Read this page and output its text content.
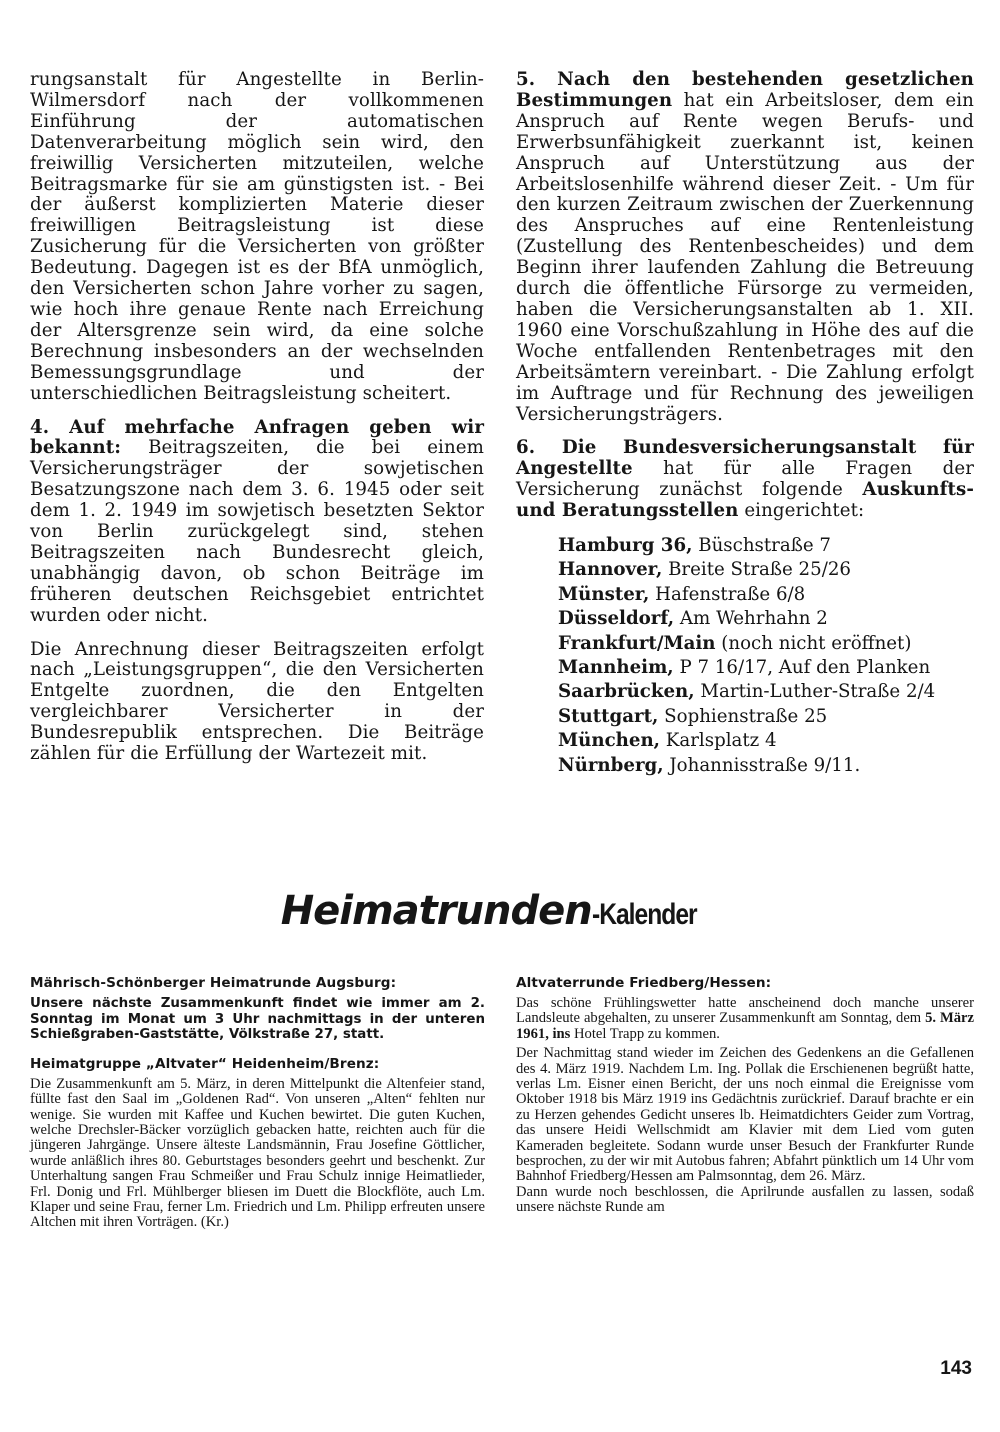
rungsanstalt für Angestellte in Berlin-Wilmersdorf nach der vollkommenen Einführung der automatischen Datenverarbeitung möglich sein wird, den freiwillig Versicherten mitzuteilen, welche Beitragsmarke für sie am günstigsten ist. - Bei der äußerst komplizierten Materie dieser freiwilligen Beitragsleistung ist diese Zusicherung für die Versicherten von größter Bedeutung. Dagegen ist es der BfA unmöglich, den Versicherten schon Jahre vorher zu sagen, wie hoch ihre genaue Rente nach Erreichung der Altersgrenze sein wird, da eine solche Berechnung insbesonders an der wechselnden Bemessungsgrundlage und der unterschiedlichen Beitragsleistung scheitert.

4. Auf mehrfache Anfragen geben wir bekannt: Beitragszeiten, die bei einem Versicherungsträger der sowjetischen Besatzungszone nach dem 3. 6. 1945 oder seit dem 1. 2. 1949 im sowjetisch besetzten Sektor von Berlin zurückgelegt sind, stehen Beitragszeiten nach Bundesrecht gleich, unabhängig davon, ob schon Beiträge im früheren deutschen Reichsgebiet entrichtet wurden oder nicht.

Die Anrechnung dieser Beitragszeiten erfolgt nach „Leistungsgruppen“, die den Versicherten Entgelte zuordnen, die den Entgelten vergleichbarer Versicherter in der Bundesrepublik entsprechen. Die Beiträge zählen für die Erfüllung der Wartezeit mit.

5. Nach den bestehenden gesetzlichen Bestimmungen hat ein Arbeitsloser, dem ein Anspruch auf Rente wegen Berufs- und Erwerbsunfähigkeit zuerkannt ist, keinen Anspruch auf Unterstützung aus der Arbeitslosenhilfe während dieser Zeit. - Um für den kurzen Zeitraum zwischen der Zuerkennung des Anspruches auf eine Rentenleistung (Zustellung des Rentenbescheides) und dem Beginn ihrer laufenden Zahlung die Betreuung durch die öffentliche Fürsorge zu vermeiden, haben die Versicherungsanstalten ab 1. XII. 1960 eine Vorschußzahlung in Höhe des auf die Woche entfallenden Rentenbetrages mit den Arbeitsämtern vereinbart. - Die Zahlung erfolgt im Auftrage und für Rechnung des jeweiligen Versicherungsträgers.

6. Die Bundesversicherungsanstalt für Angestellte hat für alle Fragen der Versicherung zunächst folgende Auskunfts- und Beratungsstellen eingerichtet:

Hamburg 36, Büschstraße 7
Hannover, Breite Straße 25/26
Münster, Hafenstraße 6/8
Düsseldorf, Am Wehrhahn 2
Frankfurt/Main (noch nicht eröffnet)
Mannheim, P 7 16/17, Auf den Planken
Saarbrücken, Martin-Luther-Straße 2/4
Stuttgart, Sophienstraße 25
München, Karlsplatz 4
Nürnberg, Johannisstraße 9/11.
Heimatrunden-Kalender
Mährisch-Schönberger Heimatrunde Augsburg:

Unsere nächste Zusammenkunft findet wie immer am 2. Sonntag im Monat um 3 Uhr nachmittags in der unteren Schießgraben-Gaststätte, Völkstraße 27, statt.

Heimatgruppe „Altvater“ Heidenheim/Brenz:

Die Zusammenkunft am 5. März, in deren Mittelpunkt die Altenfeier stand, füllte fast den Saal im „Goldenen Rad“. Von unseren „Alten“ fehlten nur wenige. Sie wurden mit Kaffee und Kuchen bewirtet. Die guten Kuchen, welche Drechsler-Bäcker vorzüglich gebacken hatte, reichten auch für die jüngeren Jahrgänge. Unsere älteste Landsmännin, Frau Josefine Göttlicher, wurde anläßlich ihres 80. Geburtstages besonders geehrt und beschenkt. Zur Unterhaltung sangen Frau Schmeißer und Frau Schulz innige Heimatlieder, Frl. Donig und Frl. Mühlberger bliesen im Duett die Blockflöte, auch Lm. Klaper und seine Frau, ferner Lm. Friedrich und Lm. Philipp erfreuten unsere Altchen mit ihren Vorträgen. (Kr.)

Altvaterrunde Friedberg/Hessen:

Das schöne Frühlingswetter hatte anscheinend doch manche unserer Landsleute abgehalten, zu unserer Zusammenkunft am Sonntag, dem 5. März 1961, ins Hotel Trapp zu kommen.

Der Nachmittag stand wieder im Zeichen des Gedenkens an die Gefallenen des 4. März 1919. Nachdem Lm. Ing. Pollak die Erschienenen begrüßt hatte, verlas Lm. Eisner einen Bericht, der uns noch einmal die Ereignisse vom Oktober 1918 bis März 1919 ins Gedächtnis zurückrief. Darauf brachte er ein zu Herzen gehendes Gedicht unseres lb. Heimatdichters Geider zum Vortrag, das unsere Heidi Wellschmidt am Klavier mit dem Lied vom guten Kameraden begleitete. Sodann wurde unser Besuch der Frankfurter Runde besprochen, zu der wir mit Autobus fahren; Abfahrt pünktlich um 14 Uhr vom Bahnhof Friedberg/Hessen am Palmsonntag, dem 26. März.

Dann wurde noch beschlossen, die Aprilrunde ausfallen zu lassen, sodaß unsere nächste Runde am

143
